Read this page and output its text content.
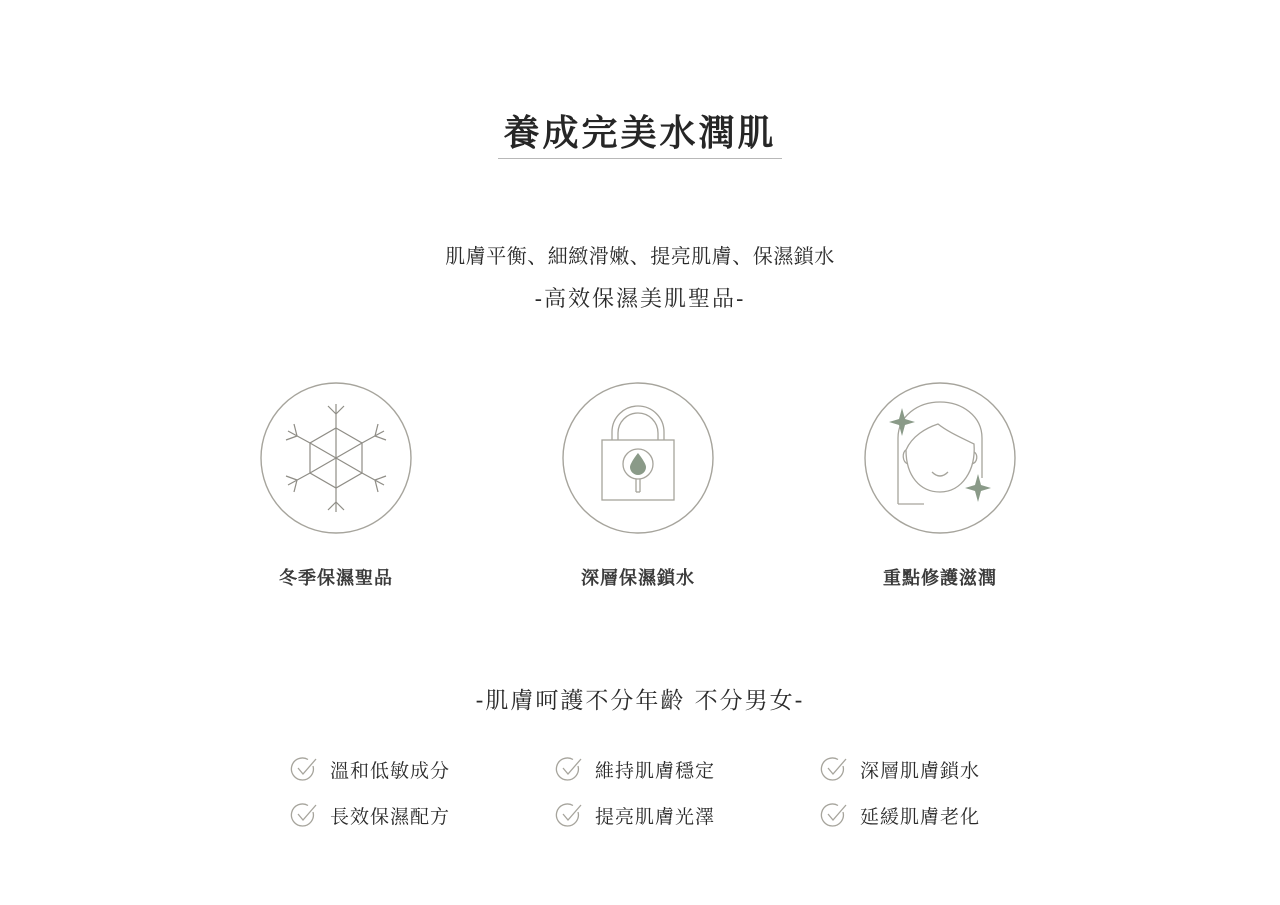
養成完美水潤肌
肌膚平衡、細緻滑嫩、提亮肌膚、保濕鎖水
-高效保濕美肌聖品-
冬季保濕聖品	深層保濕鎖水	重點修護滋潤
-肌膚呵護不分年齡 不分男女-
溫和低敏成分	維持肌膚穩定	深層肌膚鎖水
長效保濕配方	提亮肌膚光澤	延緩肌膚老化
